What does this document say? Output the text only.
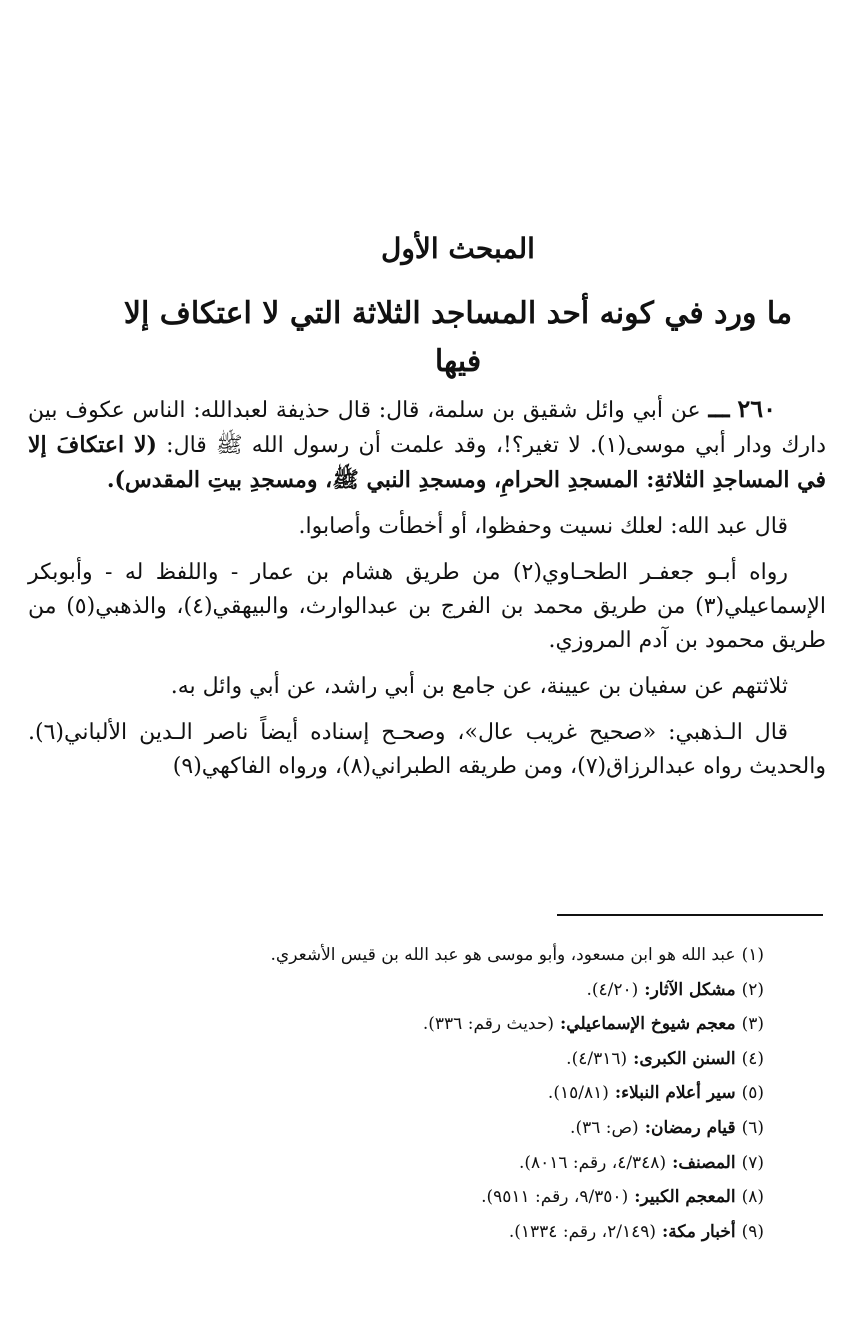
المبحث الأول
ما ورد في كونه أحد المساجد الثلاثة التي لا اعتكاف إلا فيها

٢٦٠ ـــ عن أبي وائل شقيق بن سلمة، قال: قال حذيفة لعبدالله: الناس عكوف بين دارك ودار أبي موسى(١). لا تغير؟!، وقد علمت أن رسول الله ﷺ قال: (لا اعتكافَ إلا في المساجدِ الثلاثةِ: المسجدِ الحرامِ، ومسجدِ النبي ﷺ، ومسجدِ بيتِ المقدس).

قال عبد الله: لعلك نسيت وحفظوا، أو أخطأت وأصابوا.

رواه أبـو جعفـر الطحـاوي(٢) من طريق هشام بن عمار - واللفظ له - وأبوبكر الإسماعيلي(٣) من طريق محمد بن الفرج بن عبدالوارث، والبيهقي(٤)، والذهبي(٥) من طريق محمود بن آدم المروزي.

ثلاثتهم عن سفيان بن عيينة، عن جامع بن أبي راشد، عن أبي وائل به.

قال الـذهبي: «صحيح غريب عال»، وصحـح إسناده أيضاً ناصر الـدين الألباني(٦). والحديث رواه عبدالرزاق(٧)، ومن طريقه الطبراني(٨)، ورواه الفاكهي(٩)

(١)عبد الله هو ابن مسعود، وأبو موسى هو عبد الله بن قيس الأشعري.
(٢)مشكل الآثار:(٤/٢٠).
(٣)معجم شيوخ الإسماعيلي:(حديث رقم: ٣٣٦).
(٤)السنن الكبرى:(٤/٣١٦).
(٥)سير أعلام النبلاء:(١٥/٨١).
(٦)قيام رمضان:(ص: ٣٦).
(٧)المصنف:(٤/٣٤٨، رقم: ٨٠١٦).
(٨)المعجم الكبير:(٩/٣٥٠، رقم: ٩٥١١).
(٩)أخبار مكة:(٢/١٤٩، رقم: ١٣٣٤).
